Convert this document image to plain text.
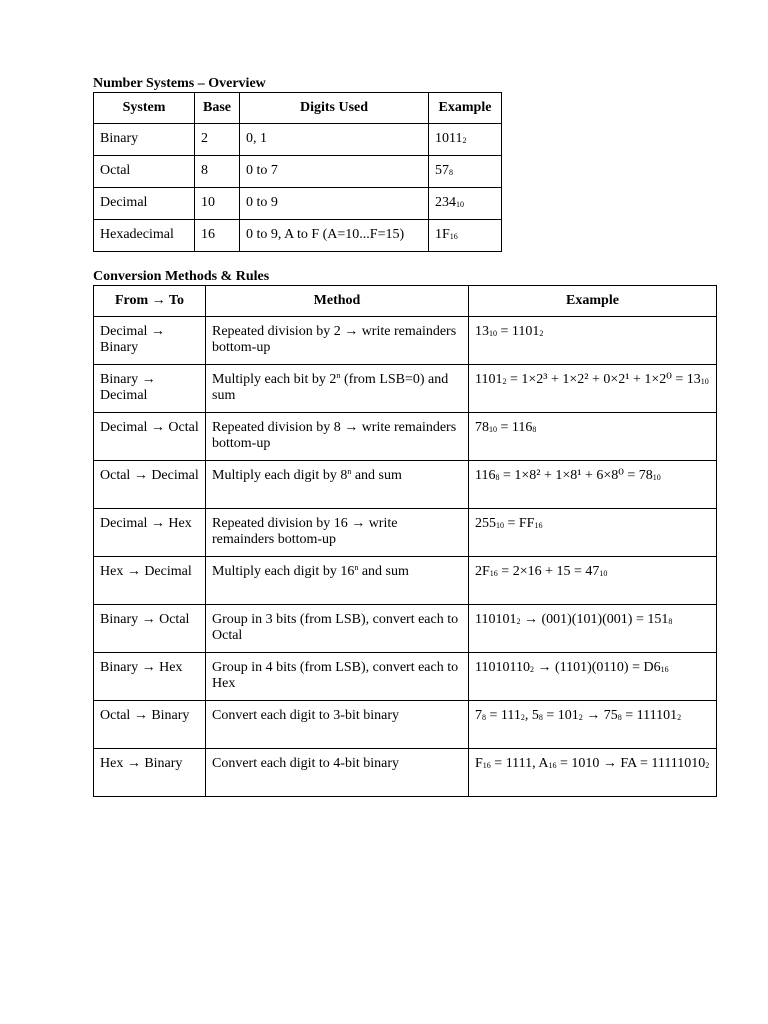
Number Systems – Overview
System	Base	Digits Used	Example
Binary	2	0, 1	$1011_2$
Octal	8	0 to 7	$57_8$
Decimal	10	0 to 9	$234_{10}$
Hexadecimal	16	0 to 9, A to F (A=10...F=15)	$1F_{16}$
Conversion Methods & Rules
From → To	Method	Example
Decimal → Binary	Repeated division by 2 → write remainders bottom-up	$13_{10} = 1101_2$
Binary → Decimal	Multiply each bit by 2$^n$ (from LSB=0) and sum	$1101_2 = 1\times 2^3 + 1\times 2^2 + 0\times 2^1 + 1\times 2^0 = 13_{10}$
Decimal → Octal	Repeated division by 8 → write remainders bottom-up	$78_{10} = 116_8$
Octal → Decimal	Multiply each digit by 8$^n$ and sum	$116_8 = 1\times 8^2 + 1\times 8^1 + 6\times 8^0 = 78_{10}$
Decimal → Hex	Repeated division by 16 → write remainders bottom-up	$255_{10} = FF_{16}$
Hex → Decimal	Multiply each digit by 16$^n$ and sum	$2F_{16} = 2\times 16 + 15 = 47_{10}$
Binary → Octal	Group in 3 bits (from LSB), convert each to Octal	$110101_2 \to (001)(101)(001) = 151_8$
Binary → Hex	Group in 4 bits (from LSB), convert each to Hex	$11010110_2 \to (1101)(0110) = D6_{16}$
Octal → Binary	Convert each digit to 3-bit binary	$7_8 = 111_2$, $5_8 = 101_2 \to 75_8 = 111101_2$
Hex → Binary	Convert each digit to 4-bit binary	$F_{16} = 1111$, $A_{16} = 1010$ → FA = $11111010_2$
